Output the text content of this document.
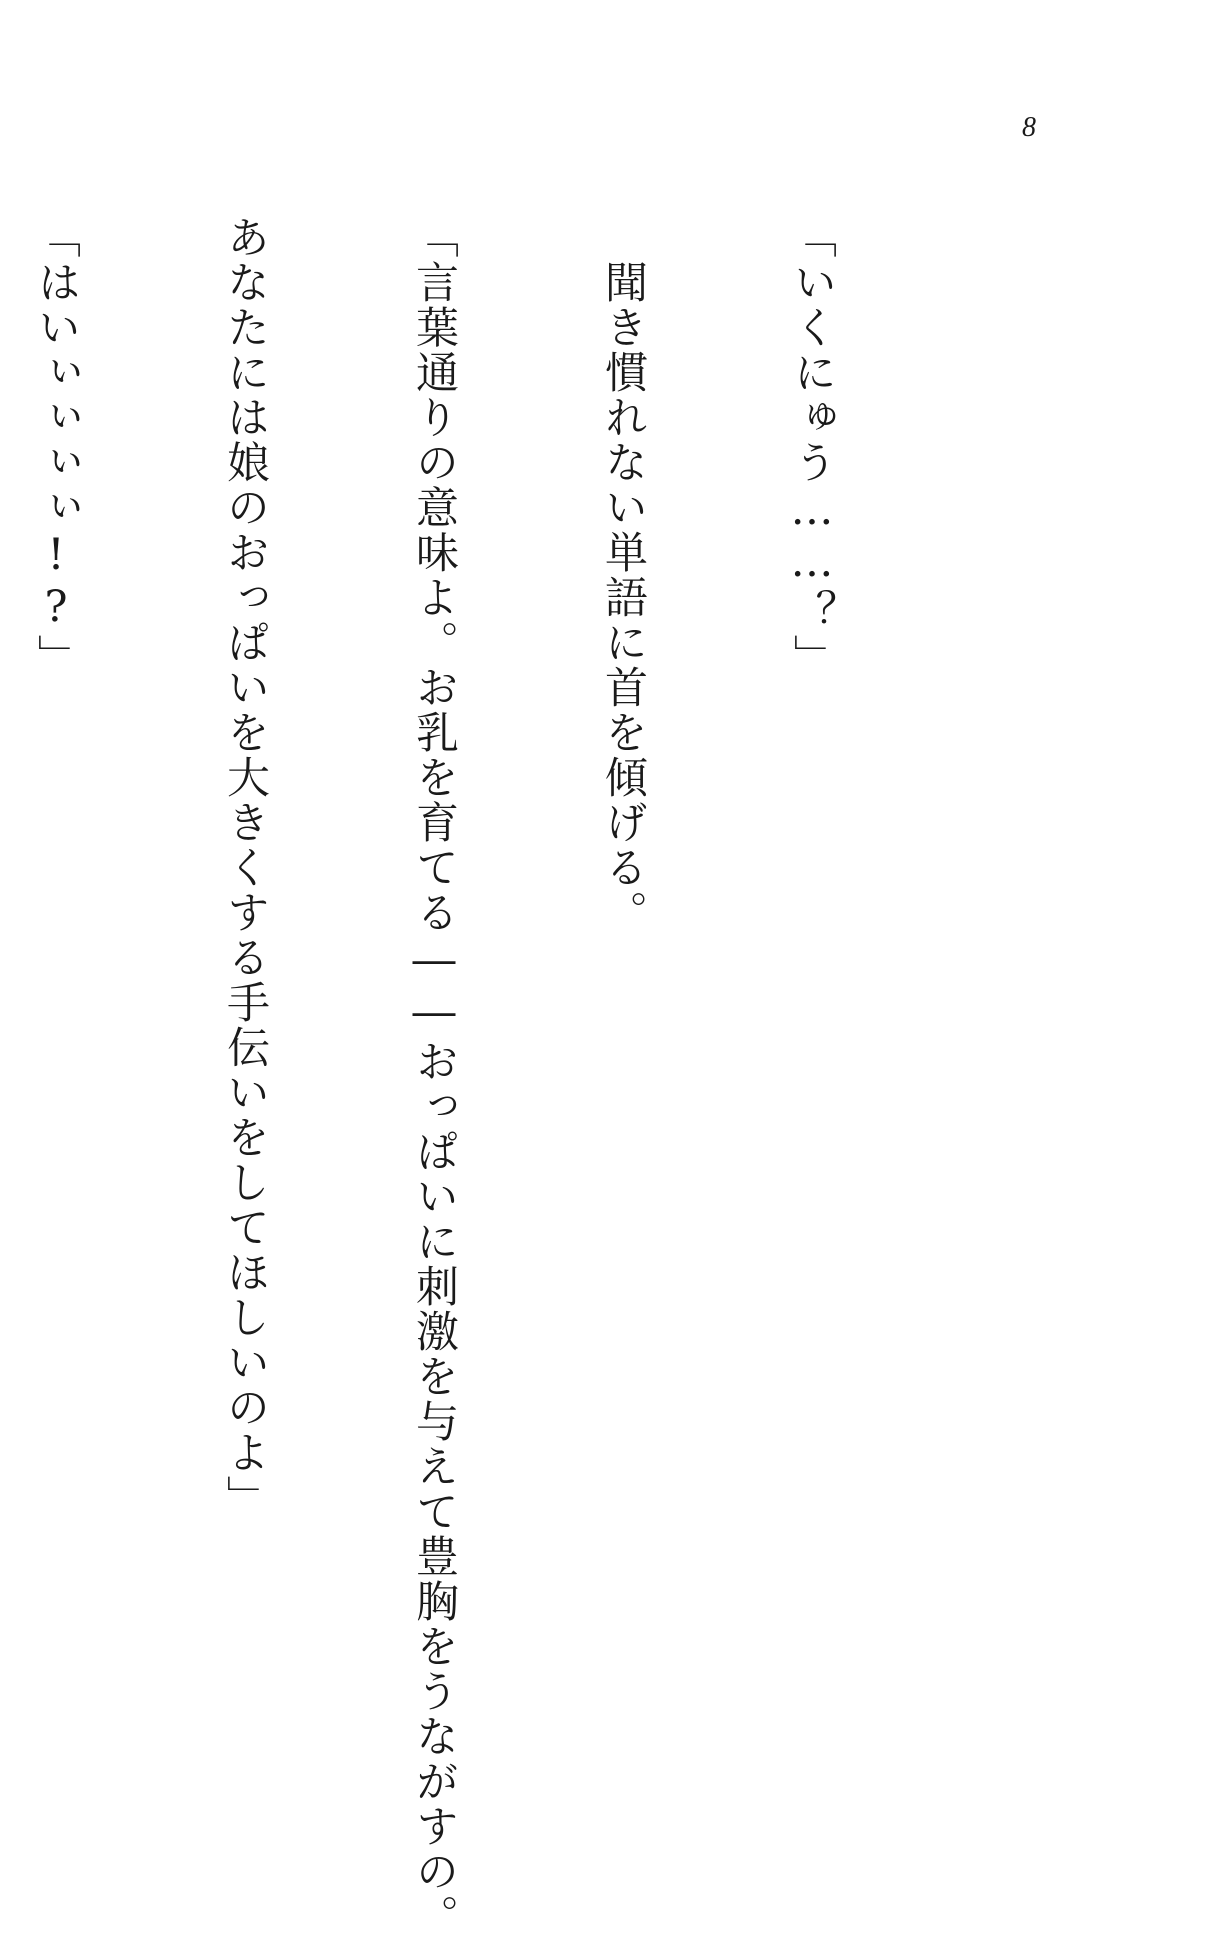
8

「いくにゅう……？」

　聞き慣れない単語に首を傾げる。

「言葉通りの意味よ。お乳を育てる――おっぱいに刺激を与えて豊胸をうながすの。

あなたには娘のおっぱいを大きくする手伝いをしてほしいのよ」

「はいぃぃぃぃ!?」
